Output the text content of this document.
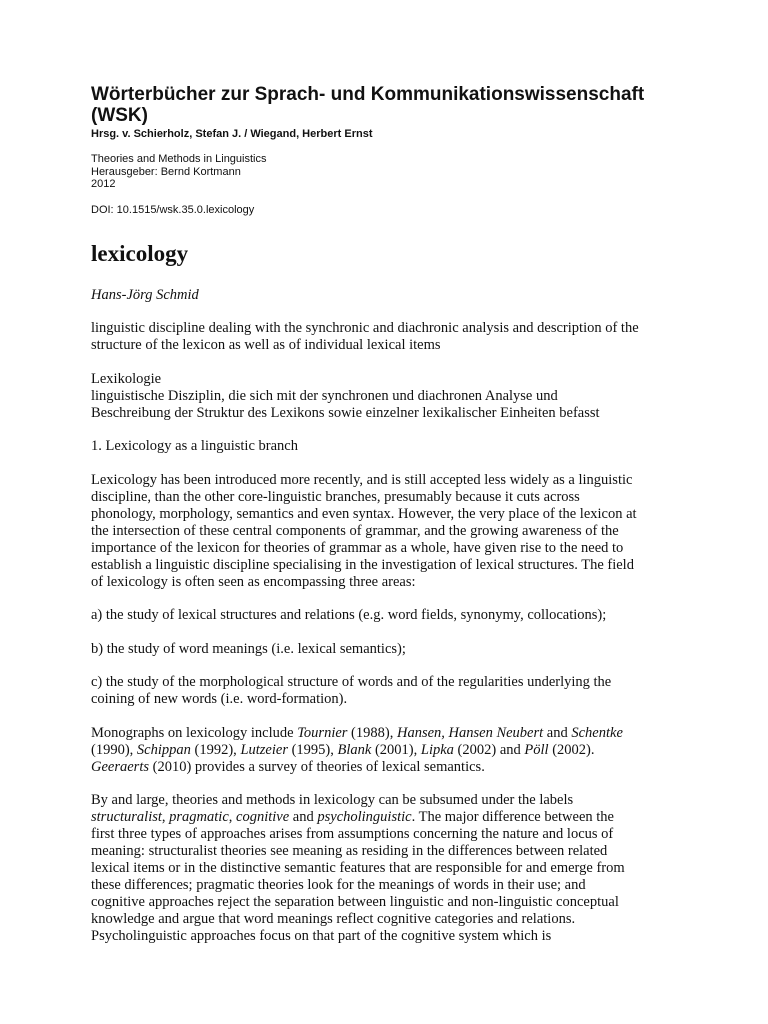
Wörterbücher zur Sprach- und Kommunikationswissenschaft
(WSK)
Hrsg. v. Schierholz, Stefan J. / Wiegand, Herbert Ernst
Theories and Methods in Linguistics
Herausgeber: Bernd Kortmann
2012
DOI: 10.1515/wsk.35.0.lexicology
lexicology
Hans-Jörg Schmid

linguistic discipline dealing with the synchronic and diachronic analysis and description of the
structure of the lexicon as well as of individual lexical items

Lexikologie
linguistische Disziplin, die sich mit der synchronen und diachronen Analyse und
Beschreibung der Struktur des Lexikons sowie einzelner lexikalischer Einheiten befasst

1. Lexicology as a linguistic branch

Lexicology has been introduced more recently, and is still accepted less widely as a linguistic
discipline, than the other core-linguistic branches, presumably because it cuts across
phonology, morphology, semantics and even syntax. However, the very place of the lexicon at
the intersection of these central components of grammar, and the growing awareness of the
importance of the lexicon for theories of grammar as a whole, have given rise to the need to
establish a linguistic discipline specialising in the investigation of lexical structures. The field
of lexicology is often seen as encompassing three areas:

a) the study of lexical structures and relations (e.g. word fields, synonymy, collocations);

b) the study of word meanings (i.e. lexical semantics);

c) the study of the morphological structure of words and of the regularities underlying the
coining of new words (i.e. word-formation).

Monographs on lexicology include Tournier (1988), Hansen, Hansen Neubert and Schentke
(1990), Schippan (1992), Lutzeier (1995), Blank (2001), Lipka (2002) and Pöll (2002).
Geeraerts (2010) provides a survey of theories of lexical semantics.

By and large, theories and methods in lexicology can be subsumed under the labels
structuralist, pragmatic, cognitive and psycholinguistic. The major difference between the
first three types of approaches arises from assumptions concerning the nature and locus of
meaning: structuralist theories see meaning as residing in the differences between related
lexical items or in the distinctive semantic features that are responsible for and emerge from
these differences; pragmatic theories look for the meanings of words in their use; and
cognitive approaches reject the separation between linguistic and non-linguistic conceptual
knowledge and argue that word meanings reflect cognitive categories and relations.
Psycholinguistic approaches focus on that part of the cognitive system which is
